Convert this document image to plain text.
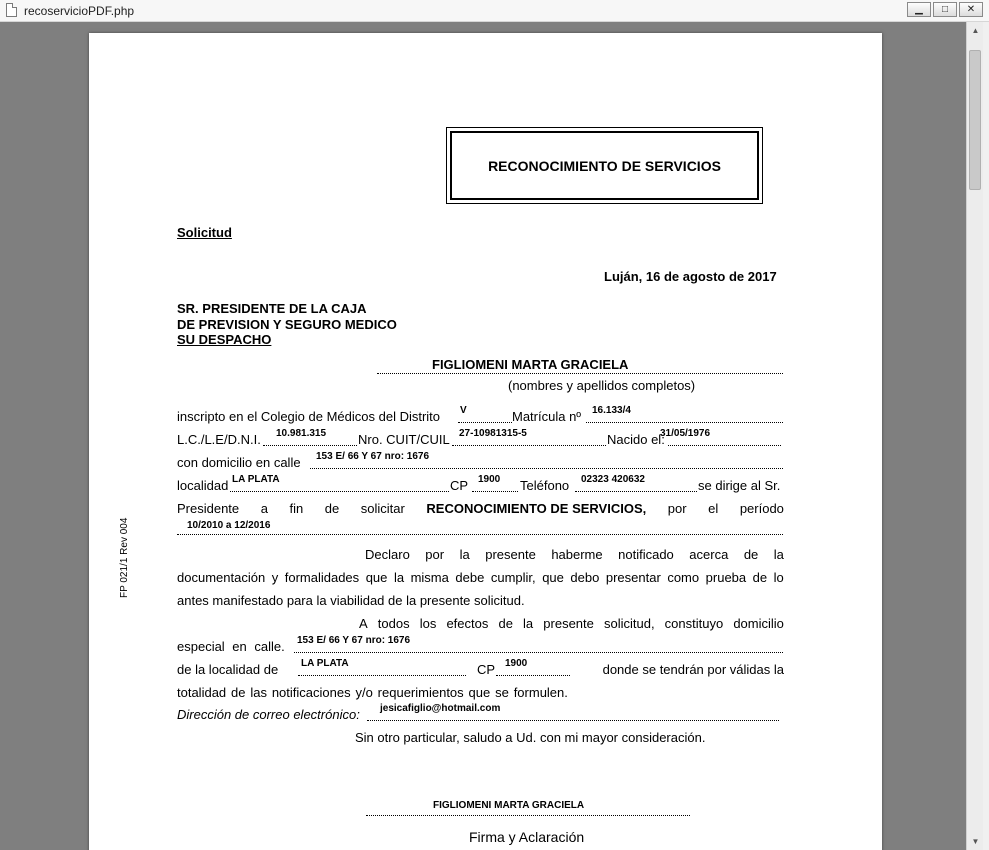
recoservicioPDF.php	▁	□	✕
RECONOCIMIENTO DE SERVICIOS
Solicitud
Luján, 16 de agosto de 2017
SR. PRESIDENTE DE LA CAJA
DE PREVISION Y SEGURO MEDICO
SU DESPACHO
FIGLIOMENI MARTA GRACIELA
(nombres y apellidos completos)
inscripto en el Colegio de Médicos del Distrito V	Matrícula nº 16.133/4
L.C./L.E/D.N.I. 10.981.315 Nro. CUIT/CUIL 27-10981315-5	Nacido el:
31/05/1976
con domicilio en calle 153 E/ 66 Y 67 nro: 1676
localidad LA PLATA	CP 1900 Teléfono 02323 420632	se dirige al Sr.
Presidente a fin de solicitar RECONOCIMIENTO DE SERVICIOS, por el período
10/2010 a 12/2016
Declaro por la presente haberme notificado acerca de la
documentación y formalidades que la misma debe cumplir, que debo presentar como prueba de lo
antes manifestado para la viabilidad de la presente solicitud.
A todos los efectos de la presente solicitud, constituyo domicilio
especial en calle. 153 E/ 66 Y 67 nro: 1676
de la localidad de LA PLATA	CP 1900	donde se tendrán por válidas la
totalidad de las notificaciones y/o requerimientos que se formulen.
Dirección de correo electrónico: jesicafiglio@hotmail.com
Sin otro particular, saludo a Ud. con mi mayor consideración.
FIGLIOMENI MARTA GRACIELA
Firma y Aclaración
FP 021/1 Rev 004
▲
▼
